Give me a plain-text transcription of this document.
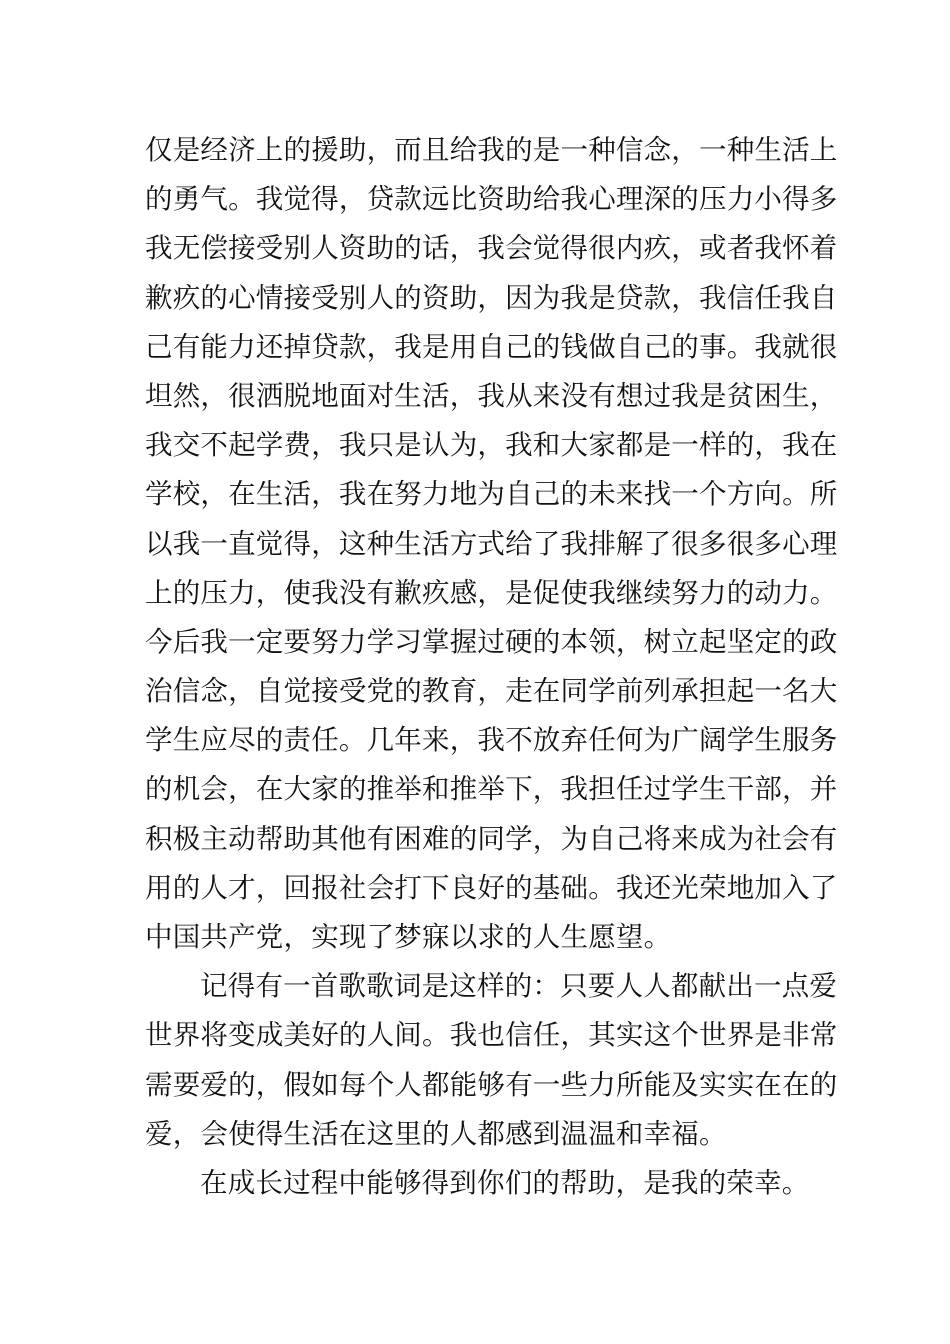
仅是经济上的援助，而且给我的是一种信念，一种生活上
的勇气。我觉得，贷款远比资助给我心理深的压力小得多
我无偿接受别人资助的话，我会觉得很内疚，或者我怀着
歉疚的心情接受别人的资助，因为我是贷款，我信任我自
己有能力还掉贷款，我是用自己的钱做自己的事。我就很
坦然，很洒脱地面对生活，我从来没有想过我是贫困生，
我交不起学费，我只是认为，我和大家都是一样的，我在
学校，在生活，我在努力地为自己的未来找一个方向。所
以我一直觉得，这种生活方式给了我排解了很多很多心理
上的压力，使我没有歉疚感，是促使我继续努力的动力。
今后我一定要努力学习掌握过硬的本领，树立起坚定的政
治信念，自觉接受党的教育，走在同学前列承担起一名大
学生应尽的责任。几年来，我不放弃任何为广阔学生服务
的机会，在大家的推举和推举下，我担任过学生干部，并
积极主动帮助其他有困难的同学，为自己将来成为社会有
用的人才，回报社会打下良好的基础。我还光荣地加入了
中国共产党，实现了梦寐以求的人生愿望。
记得有一首歌歌词是这样的：只要人人都献出一点爱
世界将变成美好的人间。我也信任，其实这个世界是非常
需要爱的，假如每个人都能够有一些力所能及实实在在的
爱，会使得生活在这里的人都感到温温和幸福。
在成长过程中能够得到你们的帮助，是我的荣幸。
